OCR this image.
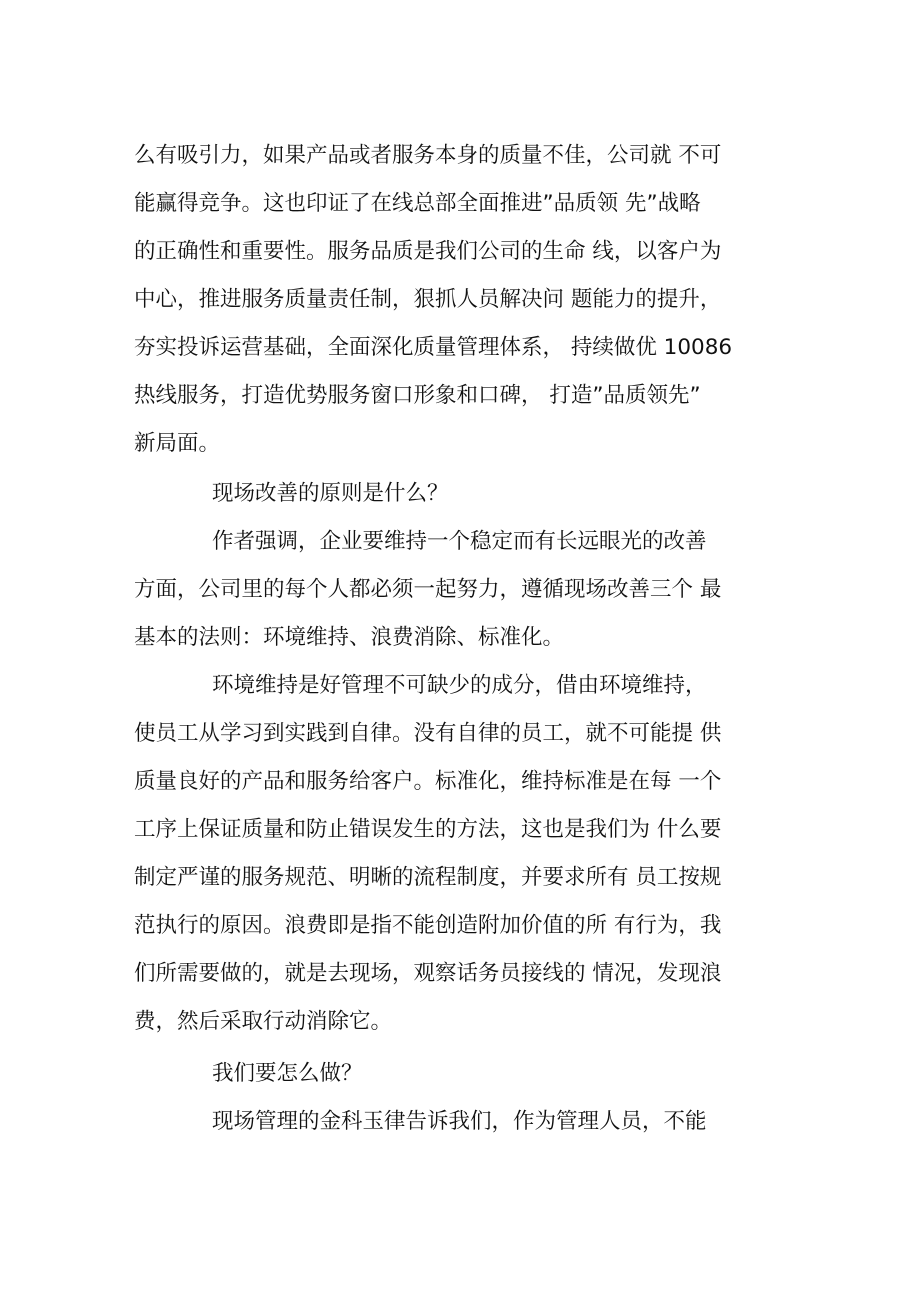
么有吸引力，如果产品或者服务本身的质量不佳，公司就 不可
能赢得竞争。这也印证了在线总部全面推进”品质领 先”战略
的正确性和重要性。服务品质是我们公司的生命 线，以客户为
中心，推进服务质量责任制，狠抓人员解决问 题能力的提升，
夯实投诉运营基础，全面深化质量管理体系， 持续做优 10086
热线服务，打造优势服务窗口形象和口碑， 打造”品质领先”
新局面。
现场改善的原则是什么？
作者强调，企业要维持一个稳定而有长远眼光的改善
方面，公司里的每个人都必须一起努力，遵循现场改善三个 最
基本的法则：环境维持、浪费消除、标准化。
环境维持是好管理不可缺少的成分，借由环境维持，
使员工从学习到实践到自律。没有自律的员工，就不可能提 供
质量良好的产品和服务给客户。标准化，维持标准是在每 一个
工序上保证质量和防止错误发生的方法，这也是我们为 什么要
制定严谨的服务规范、明晰的流程制度，并要求所有 员工按规
范执行的原因。浪费即是指不能创造附加价值的所 有行为，我
们所需要做的，就是去现场，观察话务员接线的 情况，发现浪
费，然后采取行动消除它。
我们要怎么做？
现场管理的金科玉律告诉我们，作为管理人员，不能
